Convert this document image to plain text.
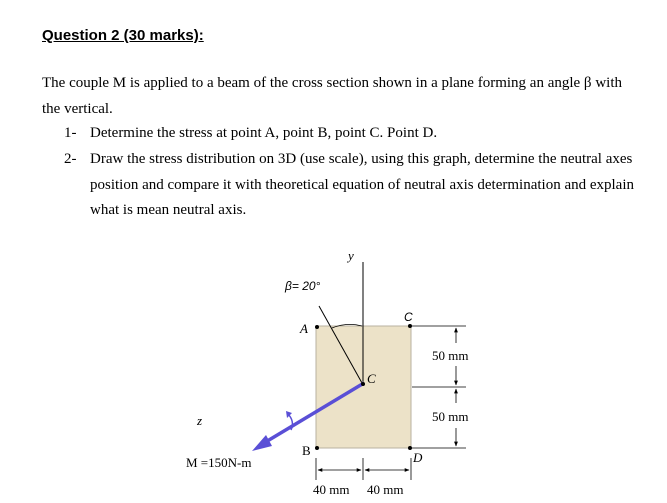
Question 2 (30 marks):

The couple M is applied to a beam of the cross section shown in a plane forming an angle β with the vertical.

1- Determine the stress at point A, point B, point C. Point D.
2- Draw the stress distribution on 3D (use scale), using this graph, determine the neutral axes position and compare it with theoretical equation of neutral axis determination and explain what is mean neutral axis.
y
z
β= 20°
M =150N-m
A
C
C
B	D
50 mm
50 mm
40 mm 40 mm
